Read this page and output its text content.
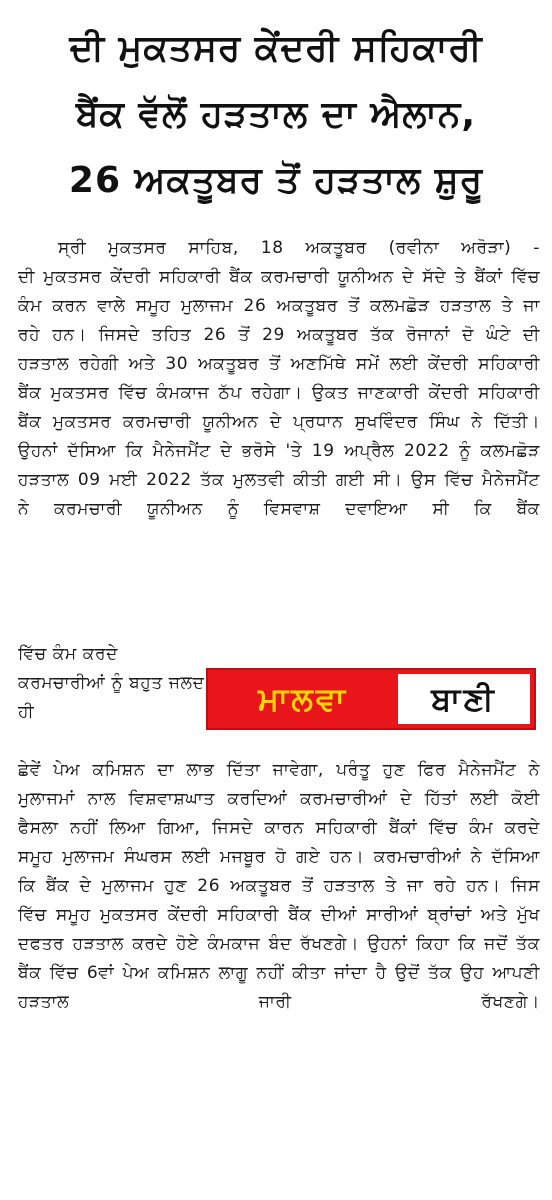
ਦੀ ਮੁਕਤਸਰ ਕੇਂਦਰੀ ਸਹਿਕਾਰੀ
ਬੈਂਕ ਵੱਲੋਂ ਹੜਤਾਲ ਦਾ ਐਲਾਨ,
26 ਅਕਤੂਬਰ ਤੋਂ ਹੜਤਾਲ ਸ਼ੁਰੂ
ਸ੍ਰੀ ਮੁਕਤਸਰ ਸਾਹਿਬ, 18 ਅਕਤੂਬਰ (ਰਵੀਨਾ ਅਰੋੜਾ) -
ਦੀ ਮੁਕਤਸਰ ਕੇਂਦਰੀ ਸਹਿਕਾਰੀ ਬੈਂਕ ਕਰਮਚਾਰੀ ਯੂਨੀਅਨ ਦੇ ਸੱਦੇ ਤੇ ਬੈਂਕਾਂ ਵਿੱਚ ਕੰਮ ਕਰਨ ਵਾਲੇ ਸਮੂਹ ਮੁਲਾਜਮ 26 ਅਕਤੂਬਰ ਤੋਂ ਕਲਮਛੋੜ ਹੜਤਾਲ ਤੇ ਜਾ ਰਹੇ ਹਨ। ਜਿਸਦੇ ਤਹਿਤ 26 ਤੋਂ 29 ਅਕਤੂਬਰ ਤੱਕ ਰੋਜਾਨਾਂ ਦੋ ਘੰਟੇ ਦੀ ਹੜਤਾਲ ਰਹੇਗੀ ਅਤੇ 30 ਅਕਤੂਬਰ ਤੋਂ ਅਣਮਿੱਥੇ ਸਮੇਂ ਲਈ ਕੇਂਦਰੀ ਸਹਿਕਾਰੀ ਬੈਂਕ ਮੁਕਤਸਰ ਵਿੱਚ ਕੰਮਕਾਜ ਠੱਪ ਰਹੇਗਾ। ਉਕਤ ਜਾਣਕਾਰੀ ਕੇਂਦਰੀ ਸਹਿਕਾਰੀ ਬੈਂਕ ਮੁਕਤਸਰ ਕਰਮਚਾਰੀ ਯੂਨੀਅਨ ਦੇ ਪ੍ਰਧਾਨ ਸੁਖਵਿੰਦਰ ਸਿੰਘ ਨੇ ਦਿੱਤੀ। ਉਹਨਾਂ ਦੱਸਿਆ ਕਿ ਮੈਨੇਜਮੈਂਟ ਦੇ ਭਰੋਸੇ 'ਤੇ 19 ਅਪ੍ਰੈਲ 2022 ਨੂੰ ਕਲਮਛੋੜ ਹੜਤਾਲ 09 ਮਈ 2022 ਤੱਕ ਮੁਲਤਵੀ ਕੀਤੀ ਗਈ ਸੀ। ਉਸ ਵਿੱਚ ਮੈਨੇਜਮੈਂਟ ਨੇ ਕਰਮਚਾਰੀ ਯੂਨੀਅਨ ਨੂੰ ਵਿਸਵਾਸ਼ ਦਵਾਇਆ ਸੀ ਕਿ ਬੈਂਕ
ਵਿੱਚ ਕੰਮ ਕਰਦੇ ਕਰਮਚਾਰੀਆਂ ਨੂੰ ਬਹੁਤ ਜਲਦ ਹੀ	ਮਾਲਵਾ	ਬਾਣੀ
ਛੇਵੇਂ ਪੇਅ ਕਮਿਸ਼ਨ ਦਾ ਲਾਭ ਦਿੱਤਾ ਜਾਵੇਗਾ, ਪਰੰਤੂ ਹੁਣ ਫਿਰ ਮੈਨੇਜਮੈਂਟ ਨੇ ਮੁਲਾਜਮਾਂ ਨਾਲ ਵਿਸ਼ਵਾਸ਼ਘਾਤ ਕਰਦਿਆਂ ਕਰਮਚਾਰੀਆਂ ਦੇ ਹਿੱਤਾਂ ਲਈ ਕੋਈ ਫੈਸਲਾ ਨਹੀਂ ਲਿਆ ਗਿਆ, ਜਿਸਦੇ ਕਾਰਨ ਸਹਿਕਾਰੀ ਬੈਂਕਾਂ ਵਿੱਚ ਕੰਮ ਕਰਦੇ ਸਮੂਹ ਮੁਲਾਜਮ ਸੰਘਰਸ ਲਈ ਮਜਬੂਰ ਹੋ ਗਏ ਹਨ। ਕਰਮਚਾਰੀਆਂ ਨੇ ਦੱਸਿਆ ਕਿ ਬੈਂਕ ਦੇ ਮੁਲਾਜਮ ਹੁਣ 26 ਅਕਤੂਬਰ ਤੋਂ ਹੜਤਾਲ ਤੇ ਜਾ ਰਹੇ ਹਨ। ਜਿਸ ਵਿੱਚ ਸਮੂਹ ਮੁਕਤਸਰ ਕੇਂਦਰੀ ਸਹਿਕਾਰੀ ਬੈਂਕ ਦੀਆਂ ਸਾਰੀਆਂ ਬ੍ਰਾਂਚਾਂ ਅਤੇ ਮੁੱਖ ਦਫਤਰ ਹੜਤਾਲ ਕਰਦੇ ਹੋਏ ਕੰਮਕਾਜ ਬੰਦ ਰੱਖਣਗੇ। ਉਹਨਾਂ ਕਿਹਾ ਕਿ ਜਦੋਂ ਤੱਕ ਬੈਂਕ ਵਿੱਚ 6ਵਾਂ ਪੇਅ ਕਮਿਸ਼ਨ ਲਾਗੂ ਨਹੀਂ ਕੀਤਾ ਜਾਂਦਾ ਹੈ ਉਦੋਂ ਤੱਕ ਉਹ ਆਪਣੀ ਹੜਤਾਲ ਜਾਰੀ ਰੱਖਣਗੇ।
